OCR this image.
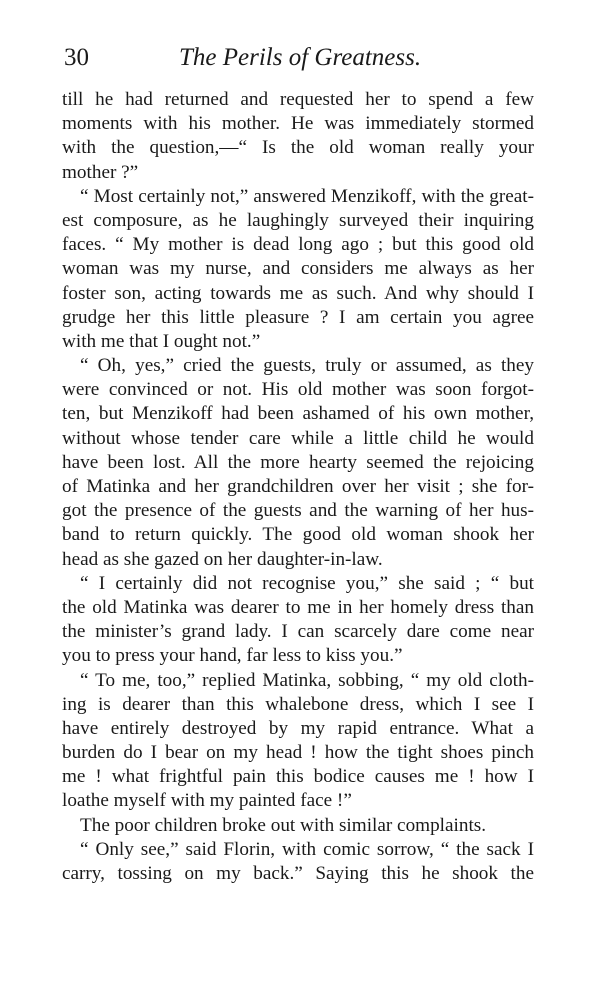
30	The Perils of Greatness.
till he had returned and requested her to spend a few
moments with his mother. He was immediately stormed
with the question,—“ Is the old woman really your
mother ?”
“ Most certainly not,” answered Menzikoff, with the great-
est composure, as he laughingly surveyed their inquiring
faces. “ My mother is dead long ago ; but this good old
woman was my nurse, and considers me always as her
foster son, acting towards me as such. And why should I
grudge her this little pleasure ? I am certain you agree
with me that I ought not.”
“ Oh, yes,” cried the guests, truly or assumed, as they
were convinced or not. His old mother was soon forgot-
ten, but Menzikoff had been ashamed of his own mother,
without whose tender care while a little child he would
have been lost. All the more hearty seemed the rejoicing
of Matinka and her grandchildren over her visit ; she for-
got the presence of the guests and the warning of her hus-
band to return quickly. The good old woman shook her
head as she gazed on her daughter-in-law.
“ I certainly did not recognise you,” she said ; “ but
the old Matinka was dearer to me in her homely dress than
the minister’s grand lady. I can scarcely dare come near
you to press your hand, far less to kiss you.”
“ To me, too,” replied Matinka, sobbing, “ my old cloth-
ing is dearer than this whalebone dress, which I see I
have entirely destroyed by my rapid entrance. What a
burden do I bear on my head ! how the tight shoes pinch
me ! what frightful pain this bodice causes me ! how I
loathe myself with my painted face !”
The poor children broke out with similar complaints.
“ Only see,” said Florin, with comic sorrow, “ the sack I
carry, tossing on my back.” Saying this he shook the
